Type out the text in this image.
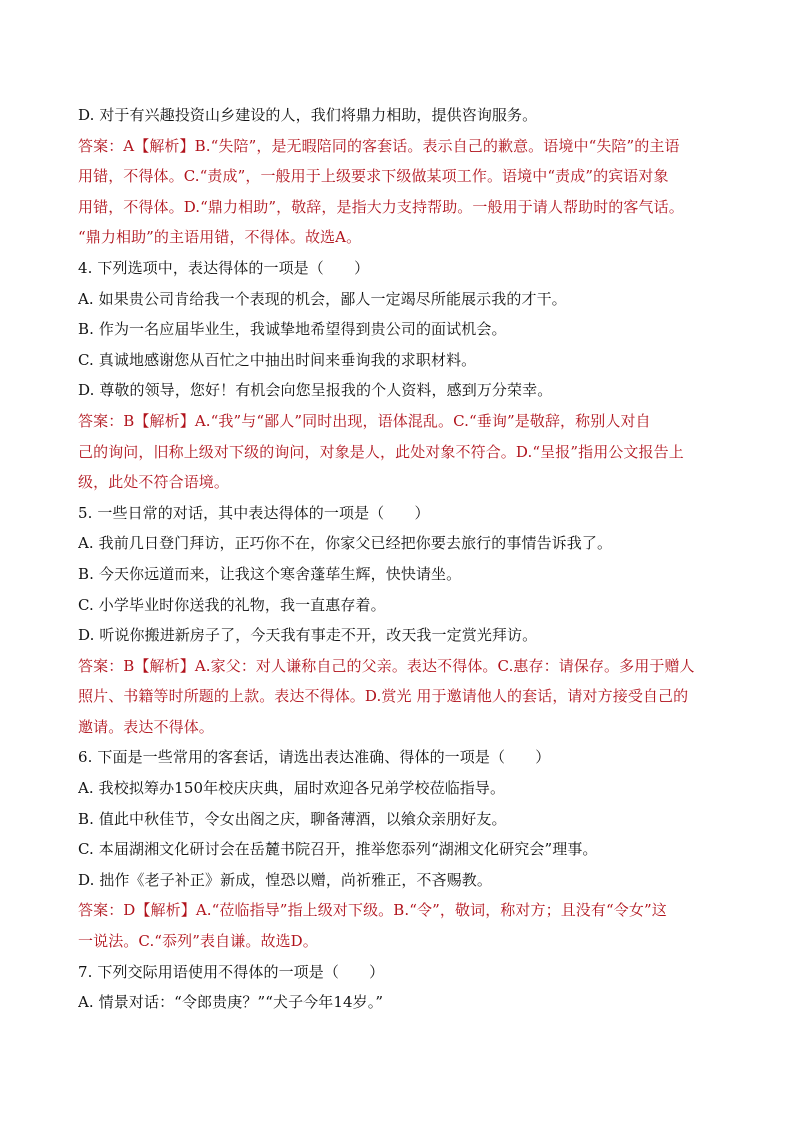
D. 对于有兴趣投资山乡建设的人，我们将鼎力相助，提供咨询服务。
答案：A【解析】B.“失陪”，是无暇陪同的客套话。表示自己的歉意。语境中“失陪”的主语
用错，不得体。C.“责成”，一般用于上级要求下级做某项工作。语境中“责成”的宾语对象
用错，不得体。D.“鼎力相助”，敬辞，是指大力支持帮助。一般用于请人帮助时的客气话。
“鼎力相助”的主语用错，不得体。故选A。
4. 下列选项中，表达得体的一项是（　　）
A. 如果贵公司肯给我一个表现的机会，鄙人一定竭尽所能展示我的才干。
B. 作为一名应届毕业生，我诚挚地希望得到贵公司的面试机会。
C. 真诚地感谢您从百忙之中抽出时间来垂询我的求职材料。
D. 尊敬的领导，您好！有机会向您呈报我的个人资料，感到万分荣幸。
答案：B【解析】A.“我”与“鄙人”同时出现，语体混乱。C.“垂询”是敬辞，称别人对自
己的询问，旧称上级对下级的询问，对象是人，此处对象不符合。D.“呈报”指用公文报告上
级，此处不符合语境。
5. 一些日常的对话，其中表达得体的一项是（　　）
A. 我前几日登门拜访，正巧你不在，你家父已经把你要去旅行的事情告诉我了。
B. 今天你远道而来，让我这个寒舍蓬荜生辉，快快请坐。
C. 小学毕业时你送我的礼物，我一直惠存着。
D. 听说你搬进新房子了，今天我有事走不开，改天我一定赏光拜访。
答案：B【解析】A.家父：对人谦称自己的父亲。表达不得体。C.惠存：请保存。多用于赠人
照片、书籍等时所题的上款。表达不得体。D.赏光 用于邀请他人的套话，请对方接受自己的
邀请。表达不得体。
6. 下面是一些常用的客套话，请选出表达准确、得体的一项是（　　）
A. 我校拟筹办150年校庆庆典，届时欢迎各兄弟学校莅临指导。
B. 值此中秋佳节，令女出阁之庆，聊备薄酒，以飨众亲朋好友。
C. 本届湖湘文化研讨会在岳麓书院召开，推举您忝列“湖湘文化研究会”理事。
D. 拙作《老子补正》新成，惶恐以赠，尚祈雅正，不吝赐教。
答案：D【解析】A.“莅临指导”指上级对下级。B.“令”，敬词，称对方；且没有“令女”这
一说法。C.“忝列”表自谦。故选D。
7. 下列交际用语使用不得体的一项是（　　）
A. 情景对话：“令郎贵庚？”“犬子今年14岁。”
